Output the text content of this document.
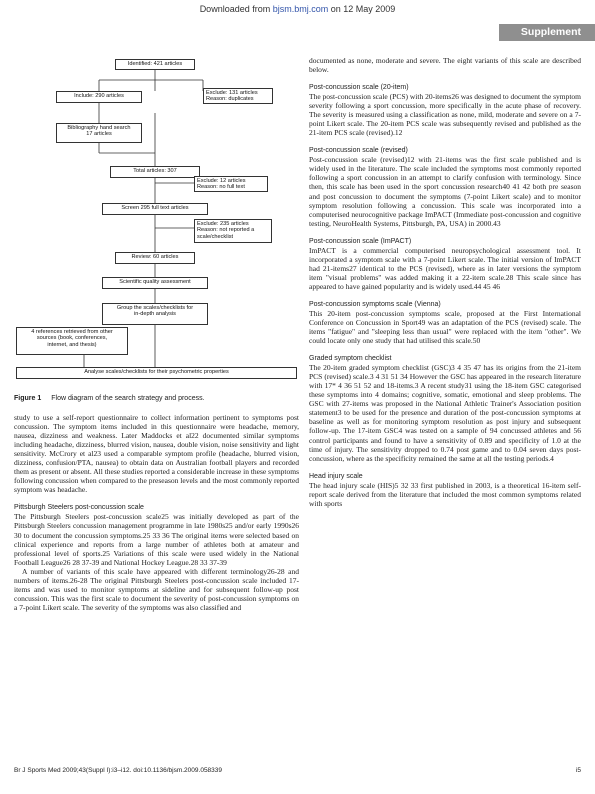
Downloaded from bjsm.bmj.com on 12 May 2009
Supplement
Identified: 421 articles
Include: 290 articles	Exclude: 131 articles
Reason: duplicates
Bibliography hand search
17 articles
Total articles: 307
Exclude: 12 articles
Reason: no full text
Screen 295 full text articles
Exclude: 235 articles
Reason: not reported a
scale/checklist
Review: 60 articles
Scientific quality assessment
Group the scales/checklists for
in-depth analysis
4 references retrieved from other
sources (book, conferences,
internet, and thesis)
Analyse scales/checklists for their psychometric properties
Figure 1 Flow diagram of the search strategy and process.

study to use a self-report questionnaire to collect information pertinent to symptoms post concussion. The symptom items included in this questionnaire were headache, memory, nausea, dizziness and weakness. Later Maddocks et al22 documented similar symptoms including headache, dizziness, blurred vision, nausea, double vision, noise sensitivity and light sensitivity. McCrory et al23 used a comparable symptom profile (headache, blurred vision, dizziness, confusion/PTA, nausea) to obtain data on Australian football players and recorded them as present or absent. All these studies reported a considerable increase in these symptoms following concussion when compared to the preseason levels and the most commonly reported symptom was headache.

Pittsburgh Steelers post-concussion scale

The Pittsburgh Steelers post-concussion scale25 was initially developed as part of the Pittsburgh Steelers concussion management programme in late 1980s25 and/or early 1990s26 30 to document the concussion symptoms.25 33 36 The original items were selected based on clinical experience and reports from a large number of athletes both at amateur and professional level of sports.25 Variations of this scale were used widely in the National Football League26 28 37-39 and National Hockey League.28 33 37-39

A number of variants of this scale have appeared with different terminology26-28 and numbers of items.26-28 The original Pittsburgh Steelers post-concussion scale included 17- items and was used to monitor symptoms at sideline and for subsequent follow-up post concussion. This was the first scale to document the severity of post-concussion symptoms on a 7-point Likert scale. The severity of the symptoms was also classified and

documented as none, moderate and severe. The eight variants of this scale are described below.

Post-concussion scale (20-item)

The post-concussion scale (PCS) with 20-items26 was designed to document the symptom severity following a sport concussion, more specifically in the acute phase of recovery. The severity is measured using a classification as none, mild, moderate and severe on a 7-point Likert scale. The 20-item PCS scale was subsequently revised and published as the 21-item PCS scale (revised).12

Post-concussion scale (revised)

Post-concussion scale (revised)12 with 21-items was the first scale published and is widely used in the literature. The scale included the symptoms most commonly reported following a sport concussion in an attempt to clarify confusion with terminology. Since then, this scale has been used in the sport concussion research40 41 42 both pre season and post concussion to document the symptoms (7-point Likert scale) and to monitor symptom resolution following a concussion. This scale was incorporated into a computerised neurocognitive package ImPACT (Immediate post-concussion and cognitive testing, NeuroHealth Systems, Pittsburgh, PA, USA) in 2000.43

Post-concussion scale (ImPACT)

ImPACT is a commercial computerised neuropsychological assessment tool. It incorporated a symptom scale with a 7-point Likert scale. The initial version of ImPACT had 21-items27 identical to the PCS (revised), where as in later versions the symptom item "visual problems" was added making it a 22-item scale.28 This scale since has appeared to have gained popularity and is widely used.44 45 46

Post-concussion symptoms scale (Vienna)

This 20-item post-concussion symptoms scale, proposed at the First International Conference on Concussion in Sport49 was an adaptation of the PCS (revised) scale. The items "fatigue" and "sleeping less than usual" were replaced with the item "other". We could locate only one study that had utilised this scale.50

Graded symptom checklist

The 20-item graded symptom checklist (GSC)3 4 35 47 has its origins from the 21-item PCS (revised) scale.3 4 31 51 34 However the GSC has appeared in the research literature with 17* 4 36 51 52 and 18-items.3 A recent study31 using the 18-item GSC categorised these symptoms into 4 domains; cognitive, somatic, emotional and sleep problems. The GSC with 27-items was proposed in the National Athletic Trainer's Association position statement3 to be used for the presence and duration of the post-concussion symptoms at baseline as well as for monitoring symptom resolution as post injury and subsequent follow-up. The 17-item GSC4 was tested on a sample of 94 concussed athletes and 56 control participants and found to have a sensitivity of 0.89 and specificity of 1.0 at the time of injury. The sensitivity dropped to 0.74 post game and to 0.04 seven days post-concussion, where as the specificity remained the same at all the testing periods.4

Head injury scale

The head injury scale (HIS)5 32 33 first published in 2003, is a theoretical 16-item self-report scale derived from the literature that included the most common symptoms related with sports

Br J Sports Med 2009;43(Suppl I):i3–i12. doi:10.1136/bjsm.2009.058339	i5
